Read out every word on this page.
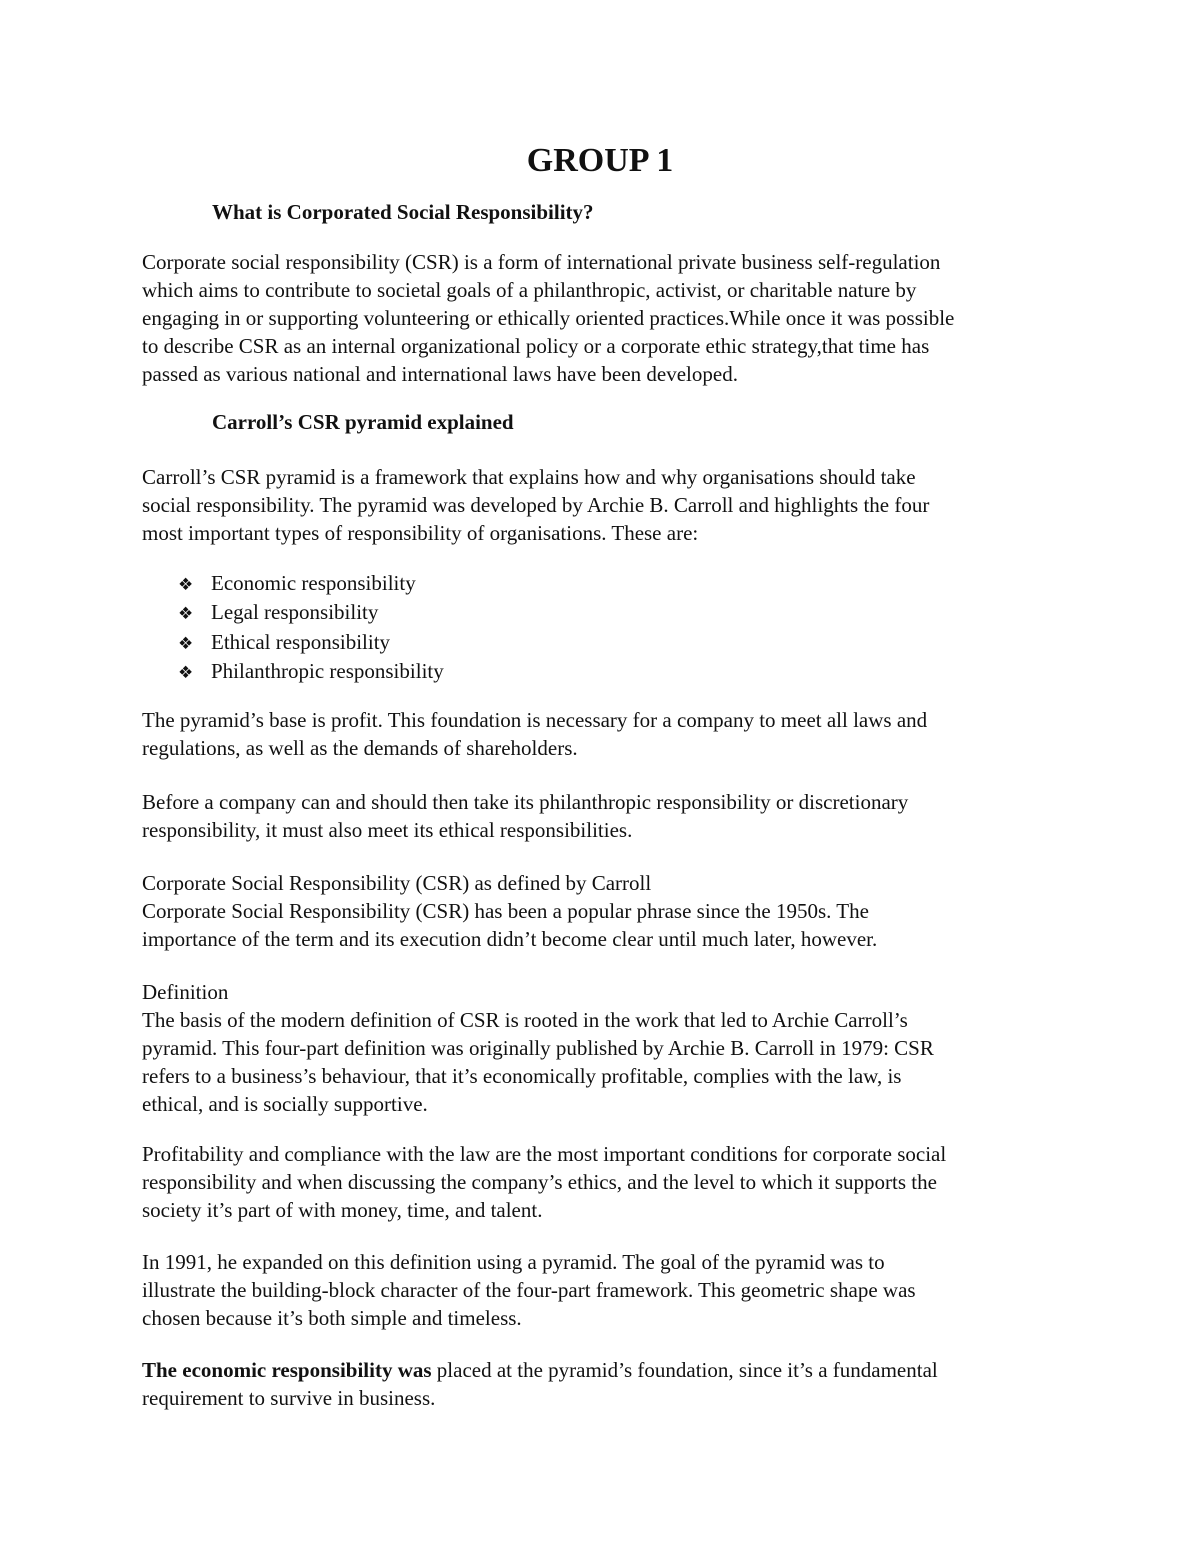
GROUP 1
What is Corporated Social Responsibility?

Corporate social responsibility (CSR) is a form of international private business self-regulation
which aims to contribute to societal goals of a philanthropic, activist, or charitable nature by
engaging in or supporting volunteering or ethically oriented practices.While once it was possible
to describe CSR as an internal organizational policy or a corporate ethic strategy,that time has
passed as various national and international laws have been developed.

Carroll’s CSR pyramid explained

Carroll’s CSR pyramid is a framework that explains how and why organisations should take
social responsibility. The pyramid was developed by Archie B. Carroll and highlights the four
most important types of responsibility of organisations. These are:

❖ Economic responsibility
❖ Legal responsibility
❖ Ethical responsibility
❖ Philanthropic responsibility

The pyramid’s base is profit. This foundation is necessary for a company to meet all laws and
regulations, as well as the demands of shareholders.

Before a company can and should then take its philanthropic responsibility or discretionary
responsibility, it must also meet its ethical responsibilities.

Corporate Social Responsibility (CSR) as defined by Carroll
Corporate Social Responsibility (CSR) has been a popular phrase since the 1950s. The
importance of the term and its execution didn’t become clear until much later, however.

Definition
The basis of the modern definition of CSR is rooted in the work that led to Archie Carroll’s
pyramid. This four-part definition was originally published by Archie B. Carroll in 1979: CSR
refers to a business’s behaviour, that it’s economically profitable, complies with the law, is
ethical, and is socially supportive.

Profitability and compliance with the law are the most important conditions for corporate social
responsibility and when discussing the company’s ethics, and the level to which it supports the
society it’s part of with money, time, and talent.

In 1991, he expanded on this definition using a pyramid. The goal of the pyramid was to
illustrate the building-block character of the four-part framework. This geometric shape was
chosen because it’s both simple and timeless.

The economic responsibility was placed at the pyramid’s foundation, since it’s a fundamental
requirement to survive in business.
